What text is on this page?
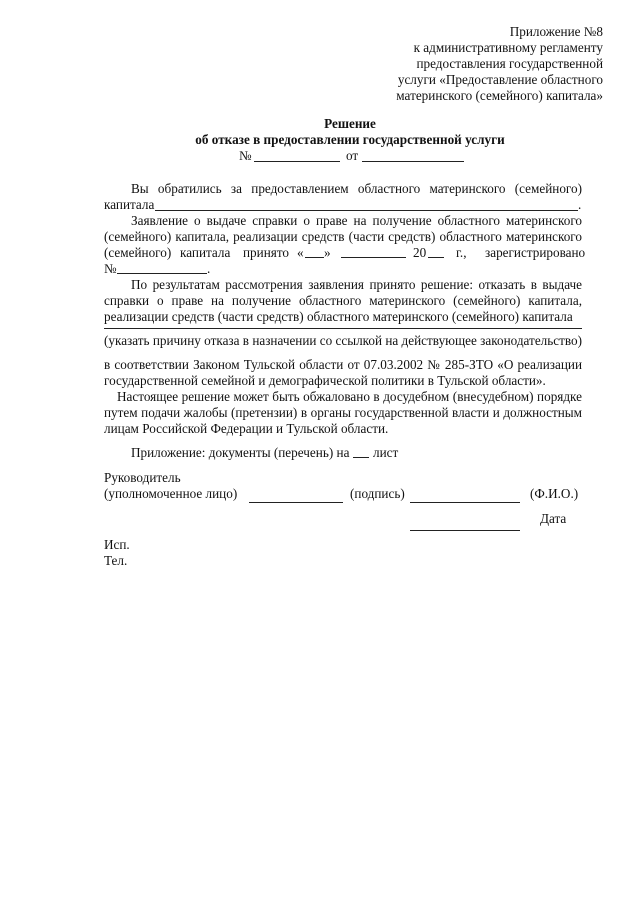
Приложение №8
к административному регламенту
предоставления государственной
услуги «Предоставление областного
материнского (семейного) капитала»
Решение
об отказе в предоставлении государственной услуги
№	от
Вы обратились за предоставлением областного материнского (семейного)
капитала	.
Заявление о выдаче справки о праве на получение областного материнского
(семейного) капитала, реализации средств (части средств) областного материнского
(семейного) капитала принято « »	20 г., зарегистрировано
№	.
По результатам рассмотрения заявления принято решение: отказать в выдаче
справки о праве на получение областного материнского (семейного) капитала,
реализации средств (части средств) областного материнского (семейного) капитала
(указать причину отказа в назначении со ссылкой на действующее законодательство)
в соответствии Законом Тульской области от 07.03.2002 № 285-ЗТО «О реализации
государственной семейной и демографической политики в Тульской области».
Настоящее решение может быть обжаловано в досудебном (внесудебном) порядке
путем подачи жалобы (претензии) в органы государственной власти и должностным
лицам Российской Федерации и Тульской области.
Приложение: документы (перечень) на лист
Руководитель
(уполномоченное лицо)	(подпись)	(Ф.И.О.)
Дата
Исп.
Тел.
